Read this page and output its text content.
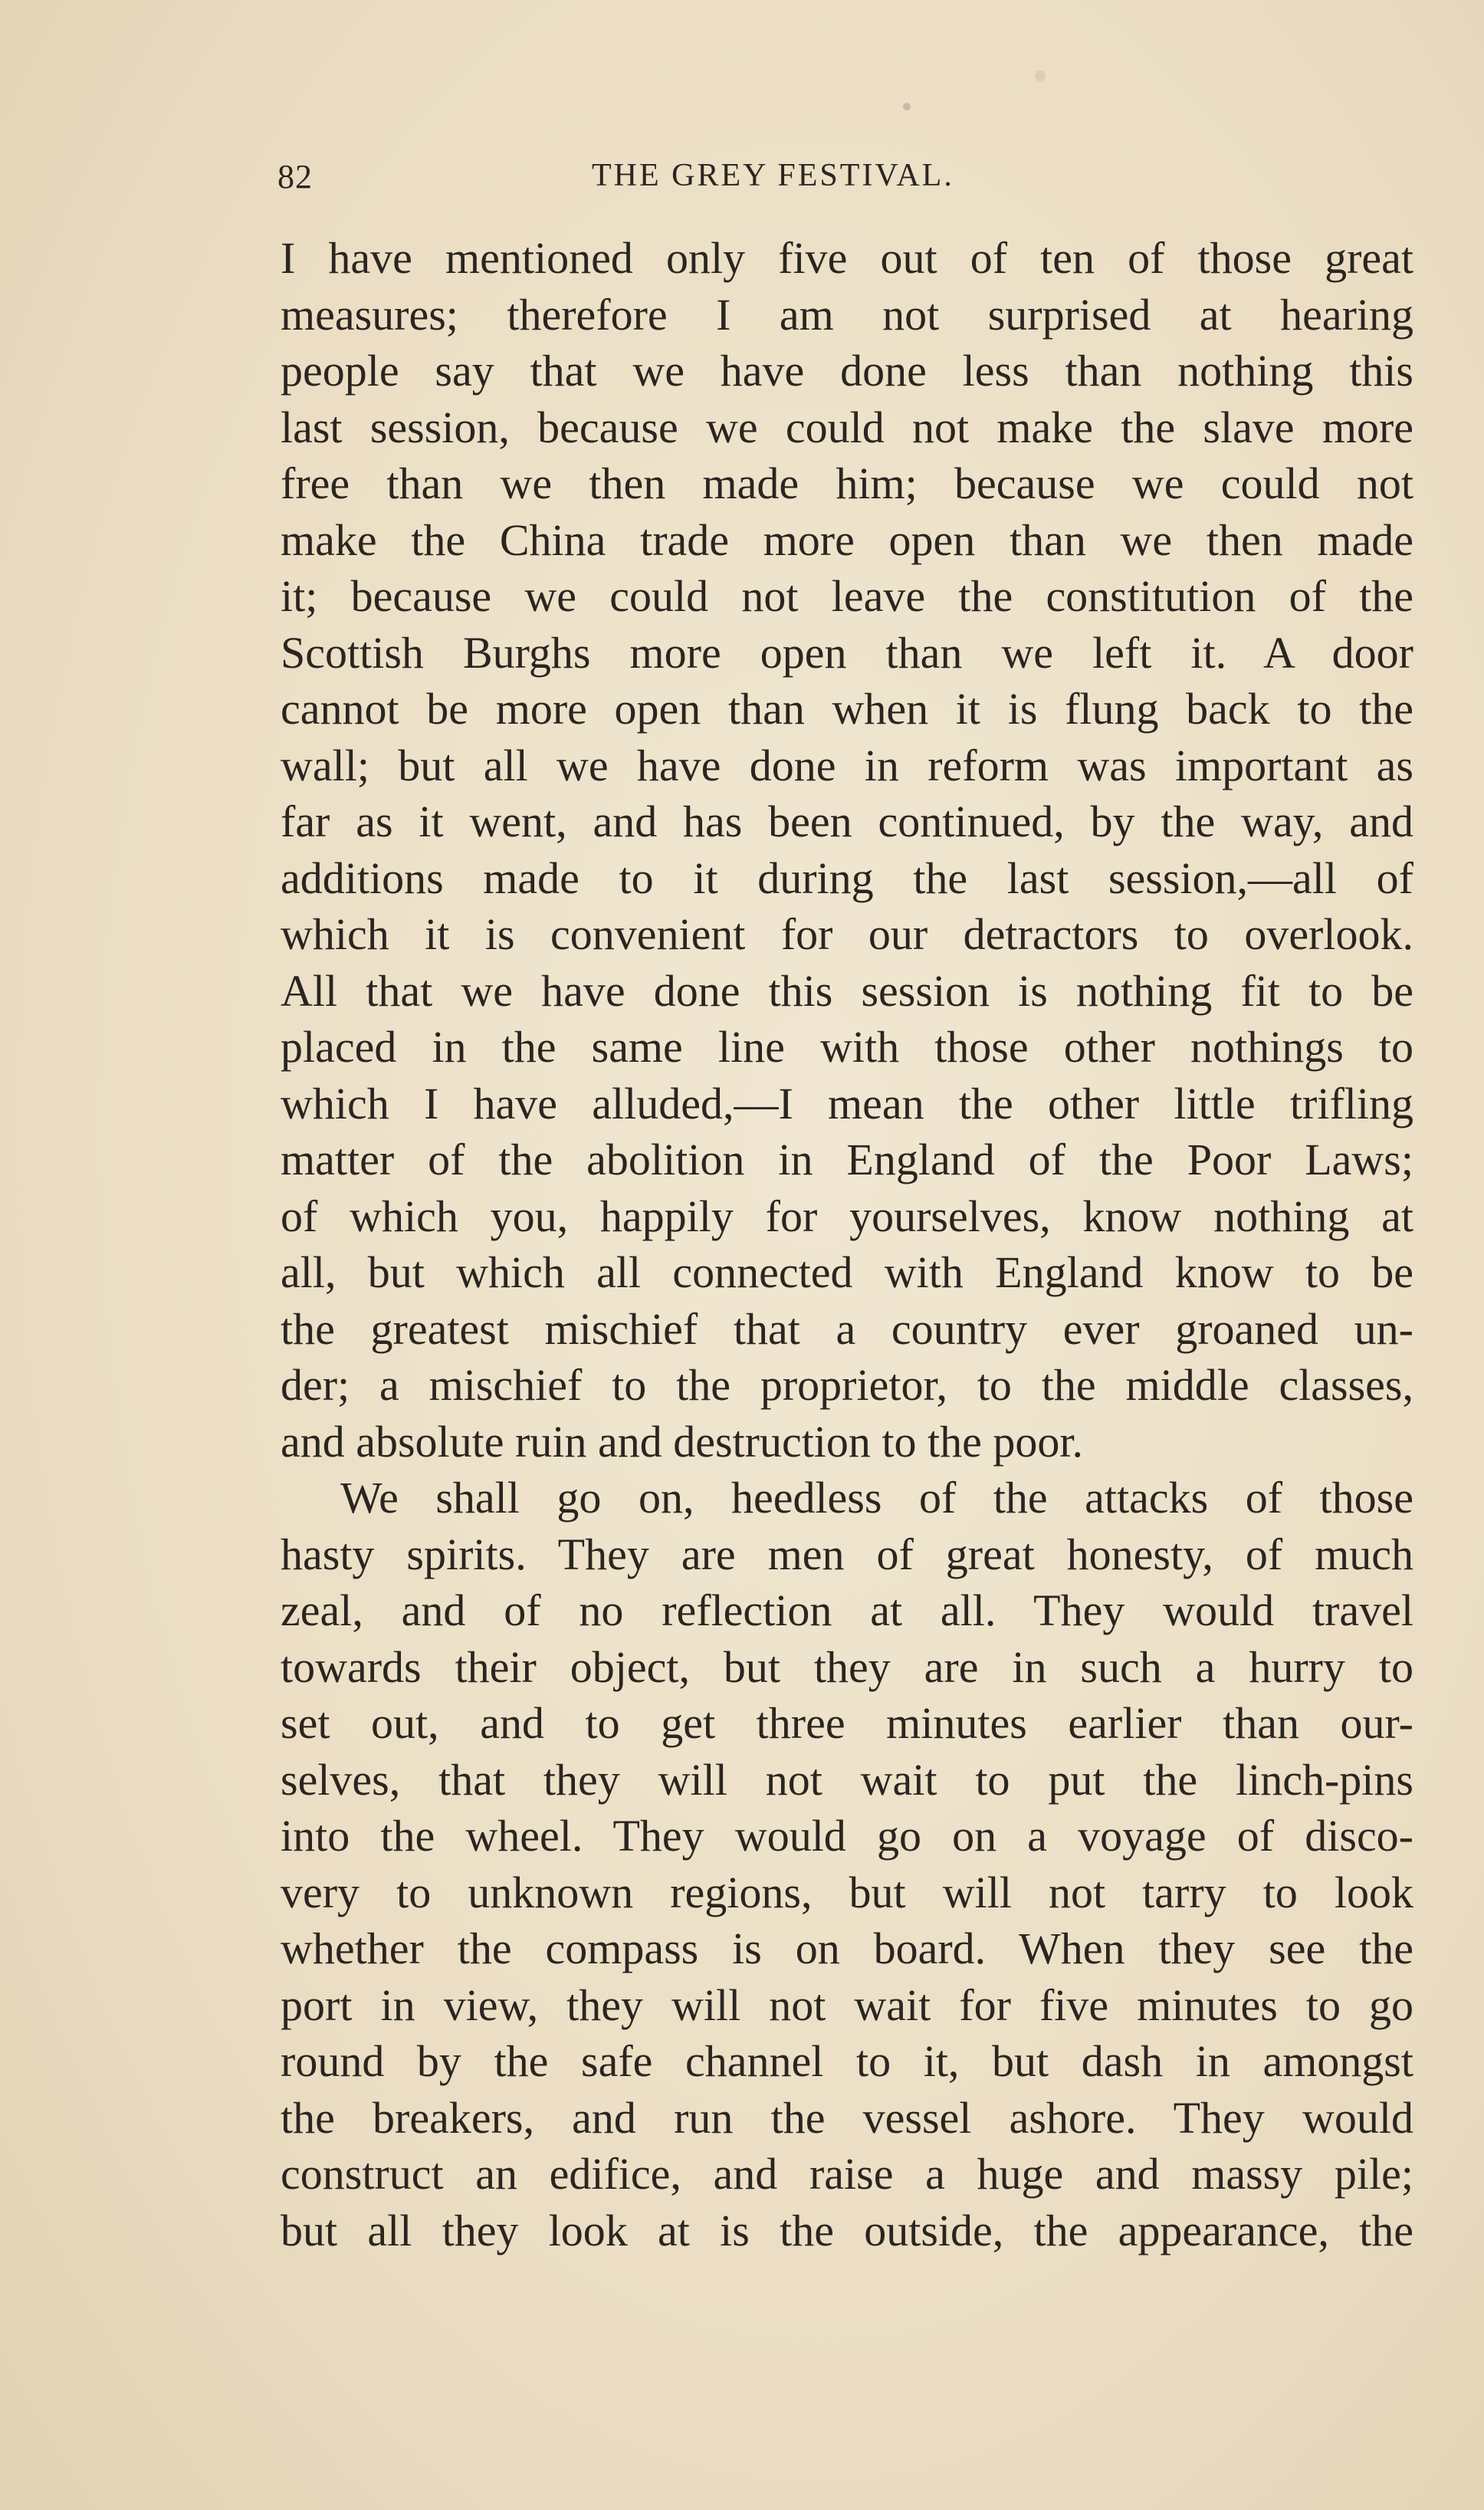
82	THE GREY FESTIVAL.
I have mentioned only five out of ten of those great
measures; therefore I am not surprised at hearing
people say that we have done less than nothing this
last session, because we could not make the slave more
free than we then made him; because we could not
make the China trade more open than we then made
it; because we could not leave the constitution of the
Scottish Burghs more open than we left it. A door
cannot be more open than when it is flung back to the
wall; but all we have done in reform was important as
far as it went, and has been continued, by the way, and
additions made to it during the last session,—all of
which it is convenient for our detractors to overlook.
All that we have done this session is nothing fit to be
placed in the same line with those other nothings to
which I have alluded,—I mean the other little trifling
matter of the abolition in England of the Poor Laws;
of which you, happily for yourselves, know nothing at
all, but which all connected with England know to be
the greatest mischief that a country ever groaned un-
der; a mischief to the proprietor, to the middle classes,
and absolute ruin and destruction to the poor.
We shall go on, heedless of the attacks of those
hasty spirits. They are men of great honesty, of much
zeal, and of no reflection at all. They would travel
towards their object, but they are in such a hurry to
set out, and to get three minutes earlier than our-
selves, that they will not wait to put the linch-pins
into the wheel. They would go on a voyage of disco-
very to unknown regions, but will not tarry to look
whether the compass is on board. When they see the
port in view, they will not wait for five minutes to go
round by the safe channel to it, but dash in amongst
the breakers, and run the vessel ashore. They would
construct an edifice, and raise a huge and massy pile;
but all they look at is the outside, the appearance, the
